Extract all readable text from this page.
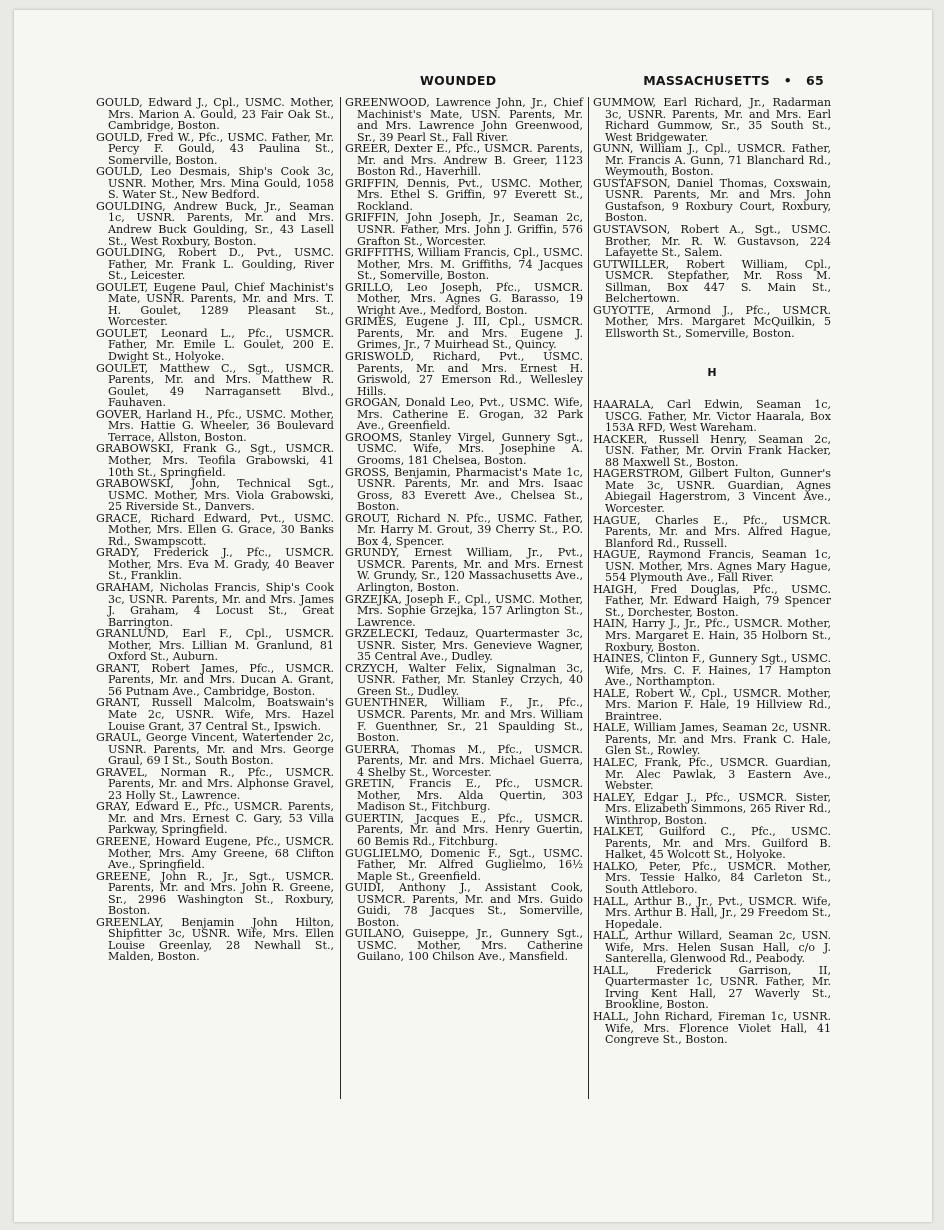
WOUNDED	MASSACHUSETTS • 65

GOULD, Edward J., Cpl., USMC. Mother, Mrs. Marion A. Gould, 23 Fair Oak St., Cambridge, Boston.

GOULD, Fred W., Pfc., USMC. Father, Mr. Percy F. Gould, 43 Paulina St., Somerville, Boston.

GOULD, Leo Desmais, Ship's Cook 3c, USNR. Mother, Mrs. Mina Gould, 1058 S. Water St., New Bedford.

GOULDING, Andrew Buck, Jr., Seaman 1c, USNR. Parents, Mr. and Mrs. Andrew Buck Goulding, Sr., 43 Lasell St., West Roxbury, Boston.

GOULDING, Robert D., Pvt., USMC. Father, Mr. Frank L. Goulding, River St., Leicester.

GOULET, Eugene Paul, Chief Machinist's Mate, USNR. Parents, Mr. and Mrs. T. H. Goulet, 1289 Pleasant St., Worcester.

GOULET, Leonard L., Pfc., USMCR. Father, Mr. Emile L. Goulet, 200 E. Dwight St., Holyoke.

GOULET, Matthew C., Sgt., USMCR. Parents, Mr. and Mrs. Matthew R. Goulet, 49 Narragansett Blvd., Fauhaven.

GOVER, Harland H., Pfc., USMC. Mother, Mrs. Hattie G. Wheeler, 36 Boulevard Terrace, Allston, Boston.

GRABOWSKI, Frank G., Sgt., USMCR. Mother, Mrs. Teofila Grabowski, 41 10th St., Springfield.

GRABOWSKI, John, Technical Sgt., USMC. Mother, Mrs. Viola Grabowski, 25 Riverside St., Danvers.

GRACE, Richard Edward, Pvt., USMC. Mother, Mrs. Ellen G. Grace, 30 Banks Rd., Swampscott.

GRADY, Frederick J., Pfc., USMCR. Mother, Mrs. Eva M. Grady, 40 Beaver St., Franklin.

GRAHAM, Nicholas Francis, Ship's Cook 3c, USNR. Parents, Mr. and Mrs. James J. Graham, 4 Locust St., Great Barrington.

GRANLUND, Earl F., Cpl., USMCR. Mother, Mrs. Lillian M. Granlund, 81 Oxford St., Auburn.

GRANT, Robert James, Pfc., USMCR. Parents, Mr. and Mrs. Ducan A. Grant, 56 Putnam Ave., Cambridge, Boston.

GRANT, Russell Malcolm, Boatswain's Mate 2c, USNR. Wife, Mrs. Hazel Louise Grant, 37 Central St., Ipswich.

GRAUL, George Vincent, Watertender 2c, USNR. Parents, Mr. and Mrs. George Graul, 69 I St., South Boston.

GRAVEL, Norman R., Pfc., USMCR. Parents, Mr. and Mrs. Alphonse Gravel, 23 Holly St., Lawrence.

GRAY, Edward E., Pfc., USMCR. Parents, Mr. and Mrs. Ernest C. Gary, 53 Villa Parkway, Springfield.

GREENE, Howard Eugene, Pfc., USMCR. Mother, Mrs. Amy Greene, 68 Clifton Ave., Springfield.

GREENE, John R., Jr., Sgt., USMCR. Parents, Mr. and Mrs. John R. Greene, Sr., 2996 Washington St., Roxbury, Boston.

GREENLAY, Benjamin John Hilton, Shipfitter 3c, USNR. Wife, Mrs. Ellen Louise Greenlay, 28 Newhall St., Malden, Boston.

GREENWOOD, Lawrence John, Jr., Chief Machinist's Mate, USN. Parents, Mr. and Mrs. Lawrence John Greenwood, Sr., 39 Pearl St., Fall River.

GREER, Dexter E., Pfc., USMCR. Parents, Mr. and Mrs. Andrew B. Greer, 1123 Boston Rd., Haverhill.

GRIFFIN, Dennis, Pvt., USMC. Mother, Mrs. Ethel S. Griffin, 97 Everett St., Rockland.

GRIFFIN, John Joseph, Jr., Seaman 2c, USNR. Father, Mrs. John J. Griffin, 576 Grafton St., Worcester.

GRIFFITHS, William Francis, Cpl., USMC. Mother, Mrs. M. Griffiths, 74 Jacques St., Somerville, Boston.

GRILLO, Leo Joseph, Pfc., USMCR. Mother, Mrs. Agnes G. Barasso, 19 Wright Ave., Medford, Boston.

GRIMES, Eugene J. III, Cpl., USMCR. Parents, Mr. and Mrs. Eugene J. Grimes, Jr., 7 Muirhead St., Quincy.

GRISWOLD, Richard, Pvt., USMC. Parents, Mr. and Mrs. Ernest H. Griswold, 27 Emerson Rd., Wellesley Hills.

GROGAN, Donald Leo, Pvt., USMC. Wife, Mrs. Catherine E. Grogan, 32 Park Ave., Greenfield.

GROOMS, Stanley Virgel, Gunnery Sgt., USMC. Wife, Mrs. Josephine A. Grooms, 181 Chelsea, Boston.

GROSS, Benjamin, Pharmacist's Mate 1c, USNR. Parents, Mr. and Mrs. Isaac Gross, 83 Everett Ave., Chelsea St., Boston.

GROUT, Richard N. Pfc., USMC. Father, Mr. Harry M. Grout, 39 Cherry St., P.O. Box 4, Spencer.

GRUNDY, Ernest William, Jr., Pvt., USMCR. Parents, Mr. and Mrs. Ernest W. Grundy, Sr., 120 Massachusetts Ave., Arlington, Boston.

GRZEJKA, Joseph F., Cpl., USMC. Mother, Mrs. Sophie Grzejka, 157 Arlington St., Lawrence.

GRZELECKI, Tedauz, Quartermaster 3c, USNR. Sister, Mrs. Genevieve Wagner, 35 Central Ave., Dudley.

CRZYCH, Walter Felix, Signalman 3c, USNR. Father, Mr. Stanley Crzych, 40 Green St., Dudley.

GUENTHNER, William F., Jr., Pfc., USMCR. Parents, Mr. and Mrs. William F. Guenthner, Sr., 21 Spaulding St., Boston.

GUERRA, Thomas M., Pfc., USMCR. Parents, Mr. and Mrs. Michael Guerra, 4 Shelby St., Worcester.

GRETIN, Francis E., Pfc., USMCR. Mother, Mrs. Alda Quertin, 303 Madison St., Fitchburg.

GUERTIN, Jacques E., Pfc., USMCR. Parents, Mr. and Mrs. Henry Guertin, 60 Bemis Rd., Fitchburg.

GUGLIELMO, Domenic F., Sgt., USMC. Father, Mr. Alfred Guglielmo, 16½ Maple St., Greenfield.

GUIDI, Anthony J., Assistant Cook, USMCR. Parents, Mr. and Mrs. Guido Guidi, 78 Jacques St., Somerville, Boston.

GUILANO, Guiseppe, Jr., Gunnery Sgt., USMC. Mother, Mrs. Catherine Guilano, 100 Chilson Ave., Mansfield.

GUMMOW, Earl Richard, Jr., Radarman 3c, USNR. Parents, Mr. and Mrs. Earl Richard Gummow, Sr., 35 South St., West Bridgewater.

GUNN, William J., Cpl., USMCR. Father, Mr. Francis A. Gunn, 71 Blanchard Rd., Weymouth, Boston.

GUSTAFSON, Daniel Thomas, Coxswain, USNR. Parents, Mr. and Mrs. John Gustafson, 9 Roxbury Court, Roxbury, Boston.

GUSTAVSON, Robert A., Sgt., USMC. Brother, Mr. R. W. Gustavson, 224 Lafayette St., Salem.

GUTWILLER, Robert William, Cpl., USMCR. Stepfather, Mr. Ross M. Sillman, Box 447 S. Main St., Belchertown.

GUYOTTE, Armond J., Pfc., USMCR. Mother, Mrs. Margaret McQuilkin, 5 Ellsworth St., Somerville, Boston.

H

HAARALA, Carl Edwin, Seaman 1c, USCG. Father, Mr. Victor Haarala, Box 153A RFD, West Wareham.

HACKER, Russell Henry, Seaman 2c, USN. Father, Mr. Orvin Frank Hacker, 88 Maxwell St., Boston.

HAGERSTROM, Gilbert Fulton, Gunner's Mate 3c, USNR. Guardian, Agnes Abiegail Hagerstrom, 3 Vincent Ave., Worcester.

HAGUE, Charles E., Pfc., USMCR. Parents, Mr. and Mrs. Alfred Hague, Blanford Rd., Russell.

HAGUE, Raymond Francis, Seaman 1c, USN. Mother, Mrs. Agnes Mary Hague, 554 Plymouth Ave., Fall River.

HAIGH, Fred Douglas, Pfc., USMC. Father, Mr. Edward Haigh, 79 Spencer St., Dorchester, Boston.

HAIN, Harry J., Jr., Pfc., USMCR. Mother, Mrs. Margaret E. Hain, 35 Holborn St., Roxbury, Boston.

HAINES, Clinton F., Gunnery Sgt., USMC. Wife, Mrs. C. F. Haines, 17 Hampton Ave., Northampton.

HALE, Robert W., Cpl., USMCR. Mother, Mrs. Marion F. Hale, 19 Hillview Rd., Braintree.

HALE, William James, Seaman 2c, USNR. Parents, Mr. and Mrs. Frank C. Hale, Glen St., Rowley.

HALEC, Frank, Pfc., USMCR. Guardian, Mr. Alec Pawlak, 3 Eastern Ave., Webster.

HALEY, Edgar J., Pfc., USMCR. Sister, Mrs. Elizabeth Simmons, 265 River Rd., Winthrop, Boston.

HALKET, Guilford C., Pfc., USMC. Parents, Mr. and Mrs. Guilford B. Halket, 45 Wolcott St., Holyoke.

HALKO, Peter, Pfc., USMCR. Mother, Mrs. Tessie Halko, 84 Carleton St., South Attleboro.

HALL, Arthur B., Jr., Pvt., USMCR. Wife, Mrs. Arthur B. Hall, Jr., 29 Freedom St., Hopedale.

HALL, Arthur Willard, Seaman 2c, USN. Wife, Mrs. Helen Susan Hall, c/o J. Santerella, Glenwood Rd., Peabody.

HALL, Frederick Garrison, II, Quartermaster 1c, USNR. Father, Mr. Irving Kent Hall, 27 Waverly St., Brookline, Boston.

HALL, John Richard, Fireman 1c, USNR. Wife, Mrs. Florence Violet Hall, 41 Congreve St., Boston.
